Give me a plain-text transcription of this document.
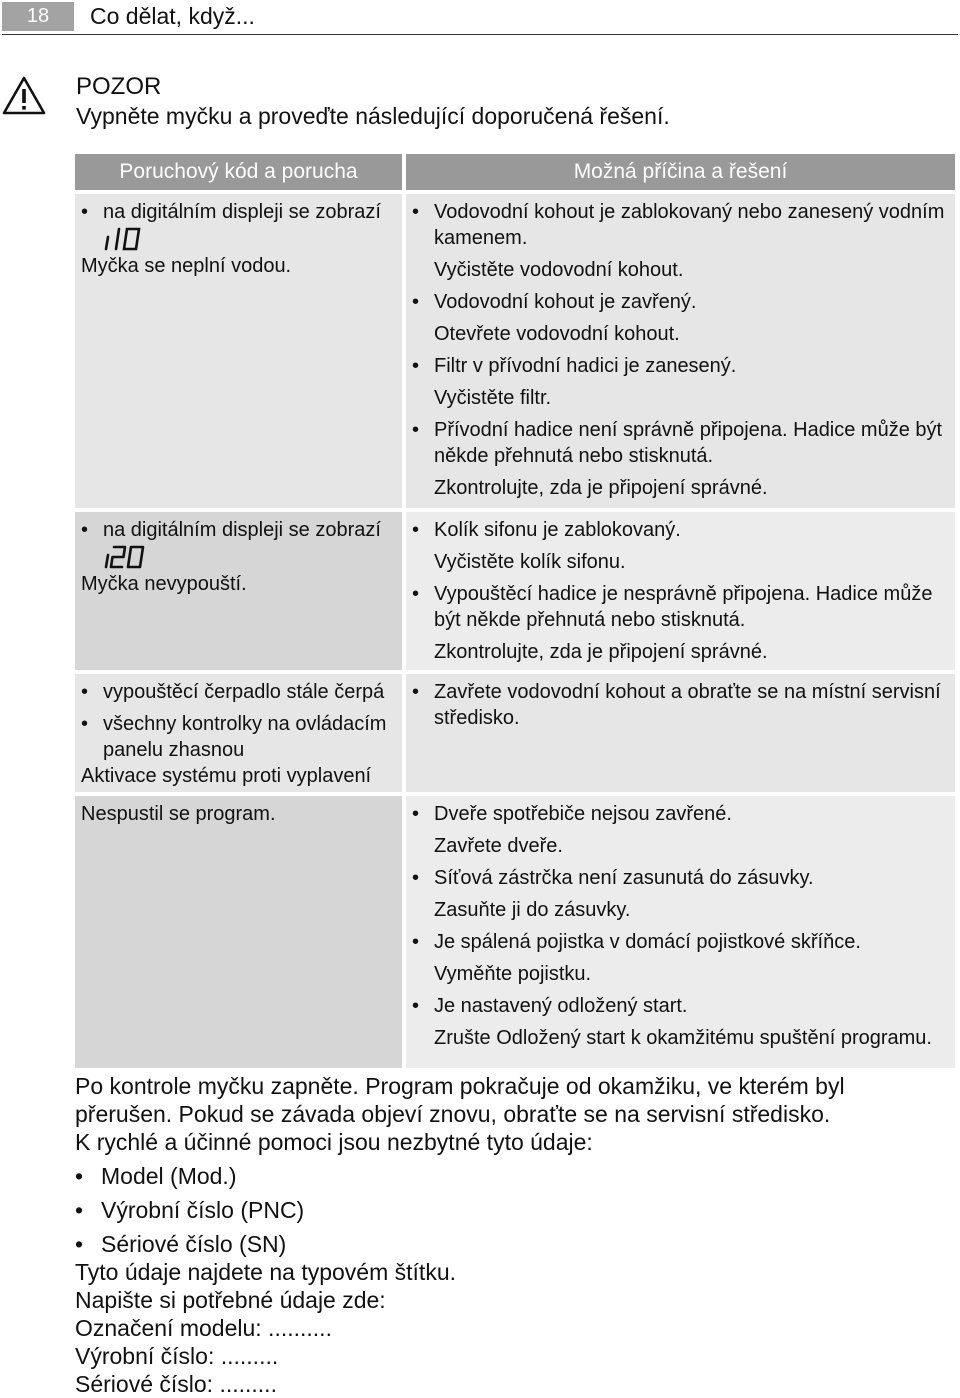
18	Co dělat, když...
POZOR
Vypněte myčku a proveďte následující doporučená řešení.
Poruchový kód a porucha	Možná příčina a řešení
• na digitálním displeji se zobrazí
Myčka se neplní vodou.
• Vodovodní kohout je zablokovaný nebo zanesený vodním kamenem.
Vyčistěte vodovodní kohout.
• Vodovodní kohout je zavřený.
Otevřete vodovodní kohout.
• Filtr v přívodní hadici je zanesený.
Vyčistěte filtr.
• Přívodní hadice není správně připojena. Hadice může být někde přehnutá nebo stisknutá.
Zkontrolujte, zda je připojení správné.
• na digitálním displeji se zobrazí
Myčka nevypouští.
• Kolík sifonu je zablokovaný.
Vyčistěte kolík sifonu.
• Vypouštěcí hadice je nesprávně připojena. Hadice může být někde přehnutá nebo stisknutá.
Zkontrolujte, zda je připojení správné.
• vypouštěcí čerpadlo stále čerpá
• všechny kontrolky na ovládacím panelu zhasnou
Aktivace systému proti vyplavení
• Zavřete vodovodní kohout a obraťte se na místní servisní středisko.
Nespustil se program.
•	Dveře spotřebiče nejsou zavřené.
Zavřete dveře.
• Síťová zástrčka není zasunutá do zásuvky.
Zasuňte ji do zásuvky.
• Je spálená pojistka v domácí pojistkové skříňce.
Vyměňte pojistku.
• Je nastavený odložený start.
Zrušte Odložený start k okamžitému spuštění programu.

Po kontrole myčku zapněte. Program pokračuje od okamžiku, ve kterém byl přerušen. Pokud se závada objeví znovu, obraťte se na servisní středisko.

K rychlé a účinné pomoci jsou nezbytné tyto údaje:

• Model (Mod.)
• Výrobní číslo (PNC)
• Sériové číslo (SN)

Tyto údaje najdete na typovém štítku.

Napište si potřebné údaje zde:

Označení modelu: ..........

Výrobní číslo: .........

Sériové číslo: .........
